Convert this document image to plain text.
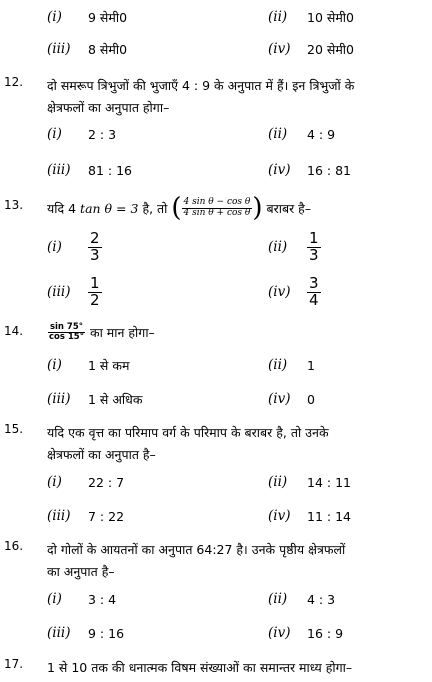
(i)	9 सेमी0	(ii)	10 सेमी0
(iii)	8 सेमी0	(iv)	20 सेमी0
12. दो समरूप त्रिभुजों की भुजाएँ 4 : 9 के अनुपात में हैं। इन त्रिभुजों के
क्षेत्रफलों का अनुपात होगा–
(i)	2 : 3	(ii)	4 : 9
(iii)	81 : 16	(iv)	16 : 81
13. यदि 4
tan θ = 3
है, तो
( $\frac{\text{4 sin θ − cos θ}}{\text{4 sin θ + cos θ}}$ )
बराबर है–
(i)	$\frac{2}{3}$	(ii)	$\frac{1}{3}$
(iii)	$\frac{1}{2}$	(iv)	$\frac{3}{4}$
14.	$\frac{\sin 75^\circ}{\cos 15^\circ}$
का मान होगा–
(i)	1 से कम	(ii)	1
(iii)	1 से अधिक	(iv)	0
15. यदि एक वृत्त का परिमाप वर्ग के परिमाप के बराबर है, तो उनके
क्षेत्रफलों का अनुपात है–
(i)	22 : 7	(ii)	14 : 11
(iii)	7 : 22	(iv)	11 : 14
16. दो गोलों के आयतनों का अनुपात 64:27 है। उनके पृष्ठीय क्षेत्रफलों
का अनुपात है–
(i)	3 : 4	(ii)	4 : 3
(iii)	9 : 16	(iv)	16 : 9
17. 1 से 10 तक की धनात्मक विषम संख्याओं का समान्तर माध्य होगा–
